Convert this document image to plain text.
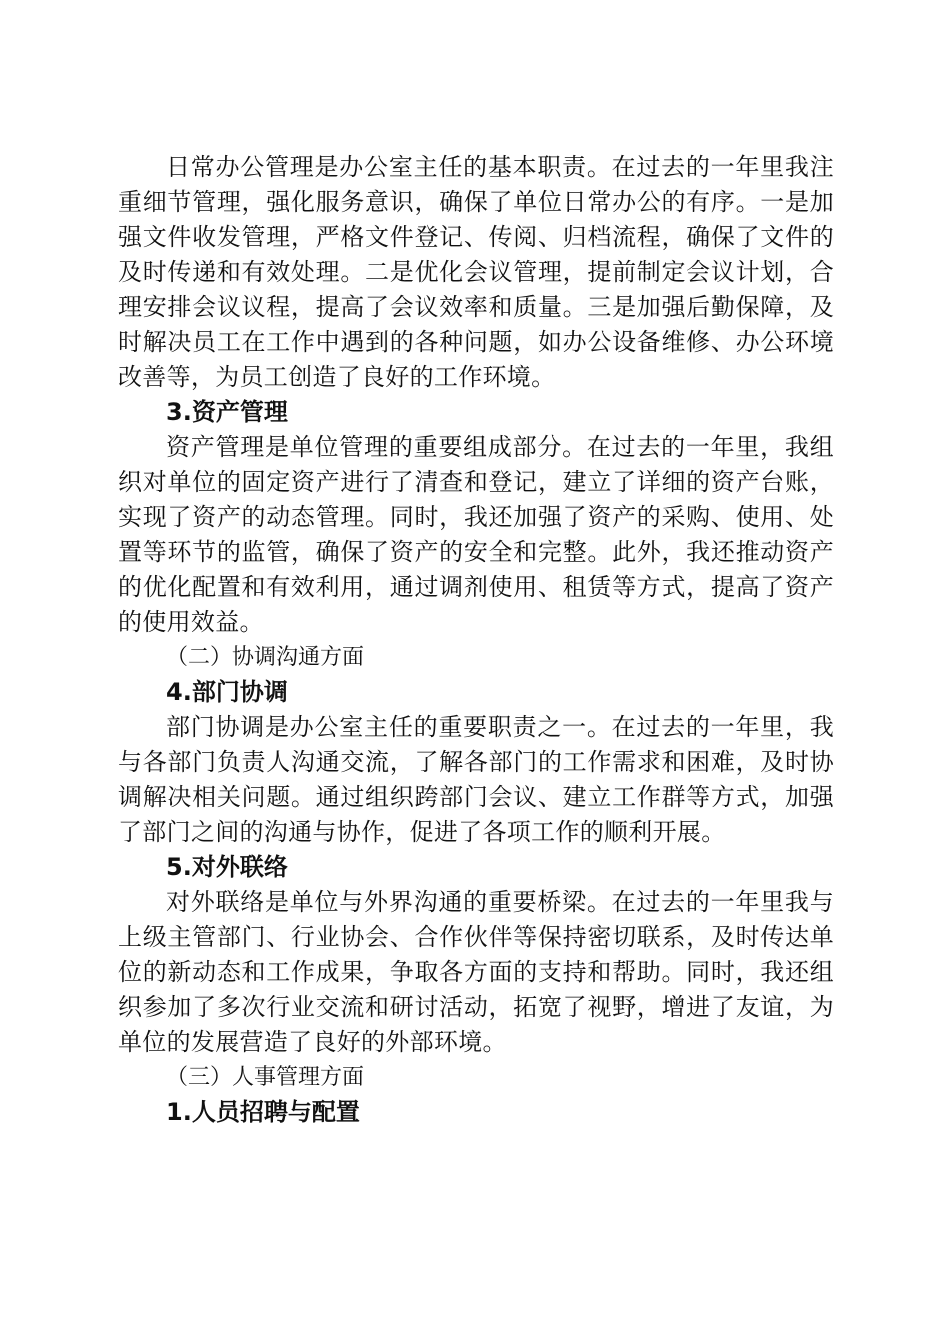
日常办公管理是办公室主任的基本职责。在过去的一年里我注重细节管理，强化服务意识，确保了单位日常办公的有序。一是加强文件收发管理，严格文件登记、传阅、归档流程，确保了文件的及时传递和有效处理。二是优化会议管理，提前制定会议计划，合理安排会议议程，提高了会议效率和质量。三是加强后勤保障，及时解决员工在工作中遇到的各种问题，如办公设备维修、办公环境改善等，为员工创造了良好的工作环境。

3.资产管理

资产管理是单位管理的重要组成部分。在过去的一年里，我组织对单位的固定资产进行了清查和登记，建立了详细的资产台账，实现了资产的动态管理。同时，我还加强了资产的采购、使用、处置等环节的监管，确保了资产的安全和完整。此外，我还推动资产的优化配置和有效利用，通过调剂使用、租赁等方式，提高了资产的使用效益。

（二）协调沟通方面

4.部门协调

部门协调是办公室主任的重要职责之一。在过去的一年里，我与各部门负责人沟通交流，了解各部门的工作需求和困难，及时协调解决相关问题。通过组织跨部门会议、建立工作群等方式，加强了部门之间的沟通与协作，促进了各项工作的顺利开展。

5.对外联络

对外联络是单位与外界沟通的重要桥梁。在过去的一年里我与上级主管部门、行业协会、合作伙伴等保持密切联系，及时传达单位的新动态和工作成果，争取各方面的支持和帮助。同时，我还组织参加了多次行业交流和研讨活动，拓宽了视野，增进了友谊，为单位的发展营造了良好的外部环境。

（三）人事管理方面

1.人员招聘与配置
